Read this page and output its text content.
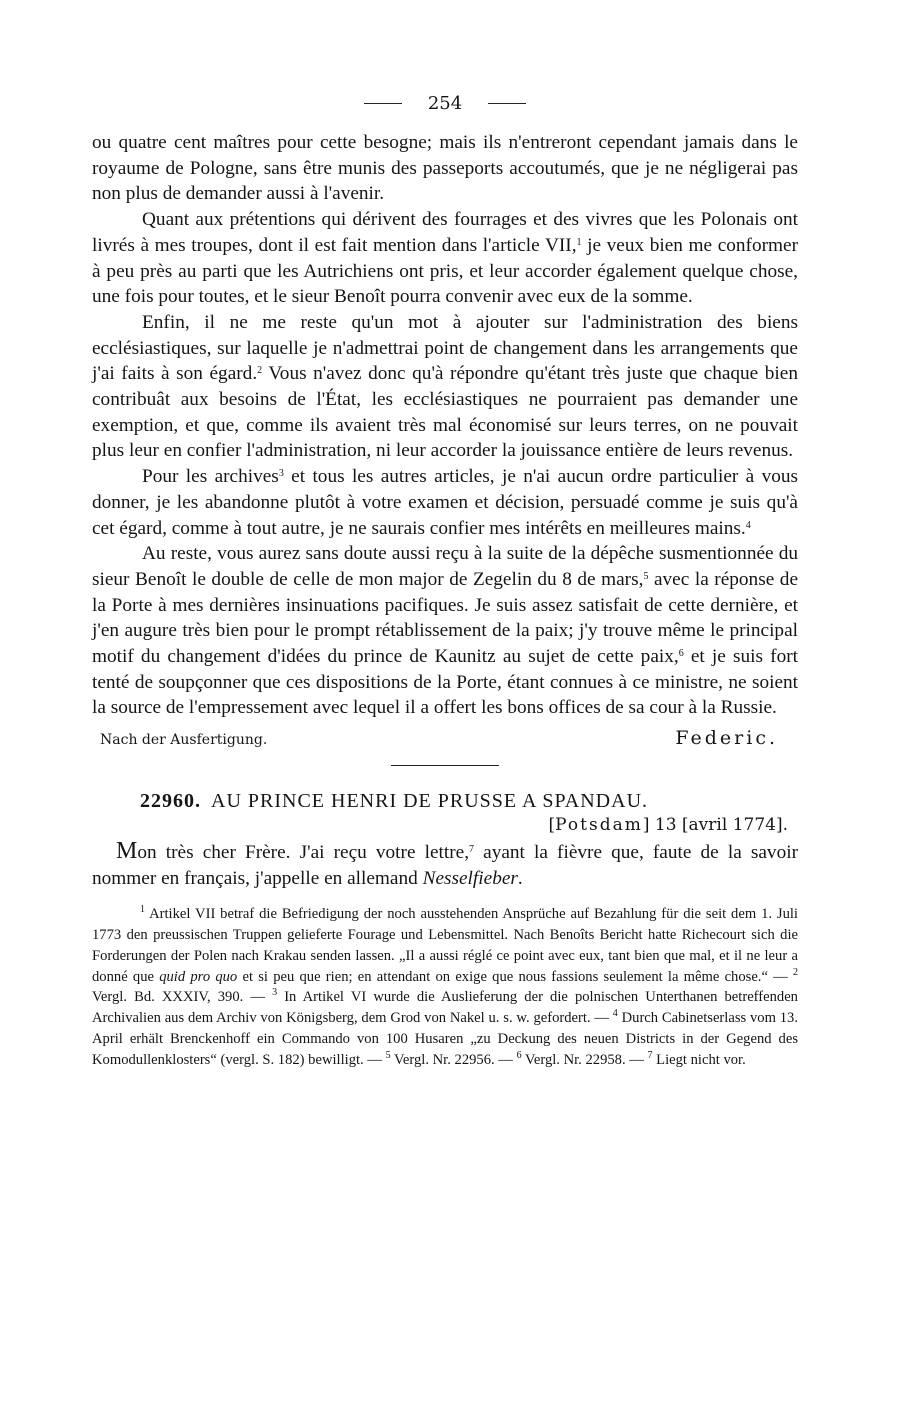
254

ou quatre cent maîtres pour cette besogne; mais ils n'entreront cependant jamais dans le royaume de Pologne, sans être munis des passeports accoutumés, que je ne négligerai pas non plus de demander aussi à l'avenir.

Quant aux prétentions qui dérivent des fourrages et des vivres que les Polonais ont livrés à mes troupes, dont il est fait mention dans l'article VII,$^1$ je veux bien me conformer à peu près au parti que les Autrichiens ont pris, et leur accorder également quelque chose, une fois pour toutes, et le sieur Benoît pourra convenir avec eux de la somme.

Enfin, il ne me reste qu'un mot à ajouter sur l'administration des biens ecclésiastiques, sur laquelle je n'admettrai point de changement dans les arrangements que j'ai faits à son égard.$^2$ Vous n'avez donc qu'à répondre qu'étant très juste que chaque bien contribuât aux besoins de l'État, les ecclésiastiques ne pourraient pas demander une exemption, et que, comme ils avaient très mal économisé sur leurs terres, on ne pouvait plus leur en confier l'administration, ni leur accorder la jouissance entière de leurs revenus.

Pour les archives$^3$ et tous les autres articles, je n'ai aucun ordre particulier à vous donner, je les abandonne plutôt à votre examen et décision, persuadé comme je suis qu'à cet égard, comme à tout autre, je ne saurais confier mes intérêts en meilleures mains.$^4$

Au reste, vous aurez sans doute aussi reçu à la suite de la dépêche susmentionnée du sieur Benoît le double de celle de mon major de Zegelin du 8 de mars,$^5$ avec la réponse de la Porte à mes dernières insinuations pacifiques. Je suis assez satisfait de cette dernière, et j'en augure très bien pour le prompt rétablissement de la paix; j'y trouve même le principal motif du changement d'idées du prince de Kaunitz au sujet de cette paix,$^6$ et je suis fort tenté de soupçonner que ces dispositions de la Porte, étant connues à ce ministre, ne soient la source de l'empressement avec lequel il a offert les bons offices de sa cour à la Russie.

Nach der Ausfertigung.	Federic.
22960. AU PRINCE HENRI DE PRUSSE A SPANDAU.
[Potsdam] 13 [avril 1774].

Mon très cher Frère. J'ai reçu votre lettre,$^7$ ayant la fièvre que, faute de la savoir nommer en français, j'appelle en allemand Nesselfieber.

$^1$ Artikel VII betraf die Befriedigung der noch ausstehenden Ansprüche auf Bezahlung für die seit dem 1. Juli 1773 den preussischen Truppen gelieferte Fourage und Lebensmittel. Nach Benoîts Bericht hatte Richecourt sich die Forderungen der Polen nach Krakau senden lassen. „Il a aussi réglé ce point avec eux, tant bien que mal, et il ne leur a donné que quid pro quo et si peu que rien; en attendant on exige que nous fassions seulement la même chose.“ — $^2$ Vergl. Bd. XXXIV, 390. — $^3$ In Artikel VI wurde die Auslieferung der die polnischen Unterthanen betreffenden Archivalien aus dem Archiv von Königsberg, dem Grod von Nakel u. s. w. gefordert. — $^4$ Durch Cabinetserlass vom 13. April erhält Brenckenhoff ein Commando von 100 Husaren „zu Deckung des neuen Districts in der Gegend des Komodullenklosters“ (vergl. S. 182) bewilligt. — $^5$ Vergl. Nr. 22956. — $^6$ Vergl. Nr. 22958. — $^7$ Liegt nicht vor.
